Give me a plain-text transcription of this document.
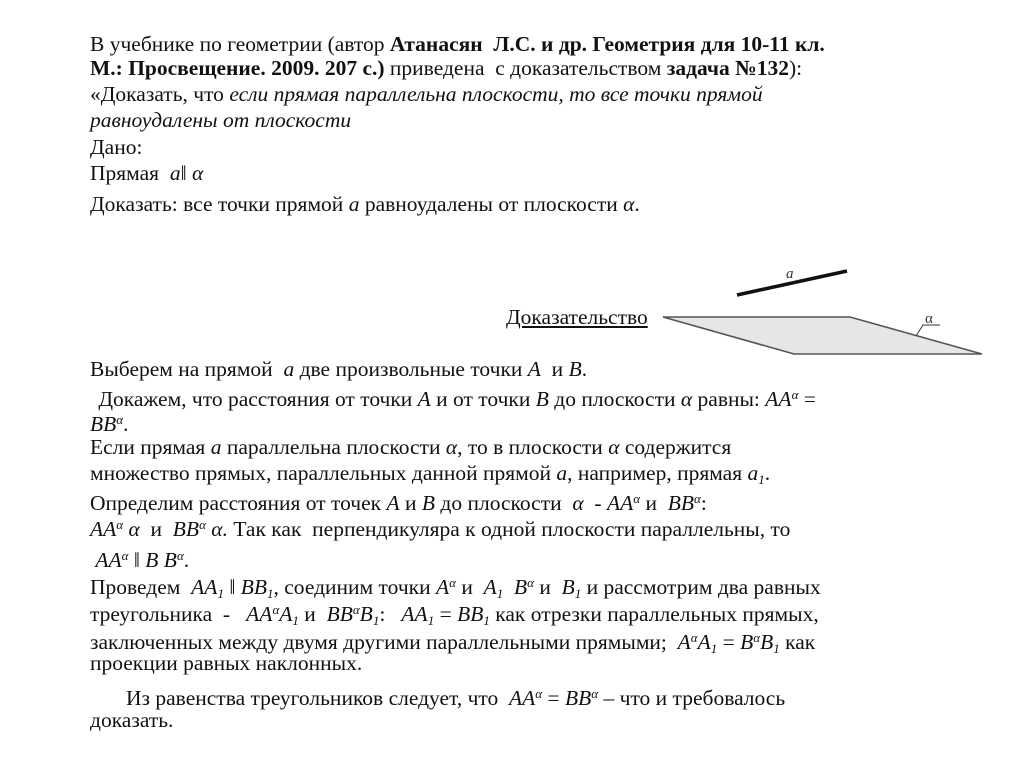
a
α
Доказательство
В учебнике по геометрии (автор Атанасян  Л.С. и др. Геометрия для 10-11 кл.
М.: Просвещение. 2009. 207 с.) приведена  с доказательством задача №132):
«Доказать, что если прямая параллельна плоскости, то все точки прямой
равноудалены от плоскости
Дано:
Прямая  a‖ α
Доказать: все точки прямой a равноудалены от плоскости α.
Выберем на прямой  a две произвольные точки A  и B.
Докажем, что расстояния от точки A и от точки B до плоскости α равны: $AA^\alpha$ =
$BB^\alpha$.
Если прямая a параллельна плоскости α, то в плоскости α содержится
множество прямых, параллельных данной прямой a, например, прямая $a_1$.
Определим расстояния от точек A и B до плоскости  α  - $AA^\alpha$ и  $BB^\alpha$:
$AA^\alpha$ α  и  $BB^\alpha$ α. Так как  перпендикуляра к одной плоскости параллельны, то
$AA^\alpha$ ‖ B $B^\alpha$.
Проведем  $AA_1$ ‖ $BB_1$, соединим точки $A^\alpha$ и  $A_1$ $B^\alpha$ и  $B_1$ и рассмотрим два равных
треугольника  -   $AA^\alpha A_1$ и  $BB^\alpha B_1$:   $AA_1 = BB_1$ как отрезки параллельных прямых,
заключенных между двумя другими параллельными прямыми;  $A^\alpha A_1 = B^\alpha B_1$ как
проекции равных наклонных.
Из равенства треугольников следует, что  $AA^\alpha = BB^\alpha$ – что и требовалось
доказать.
